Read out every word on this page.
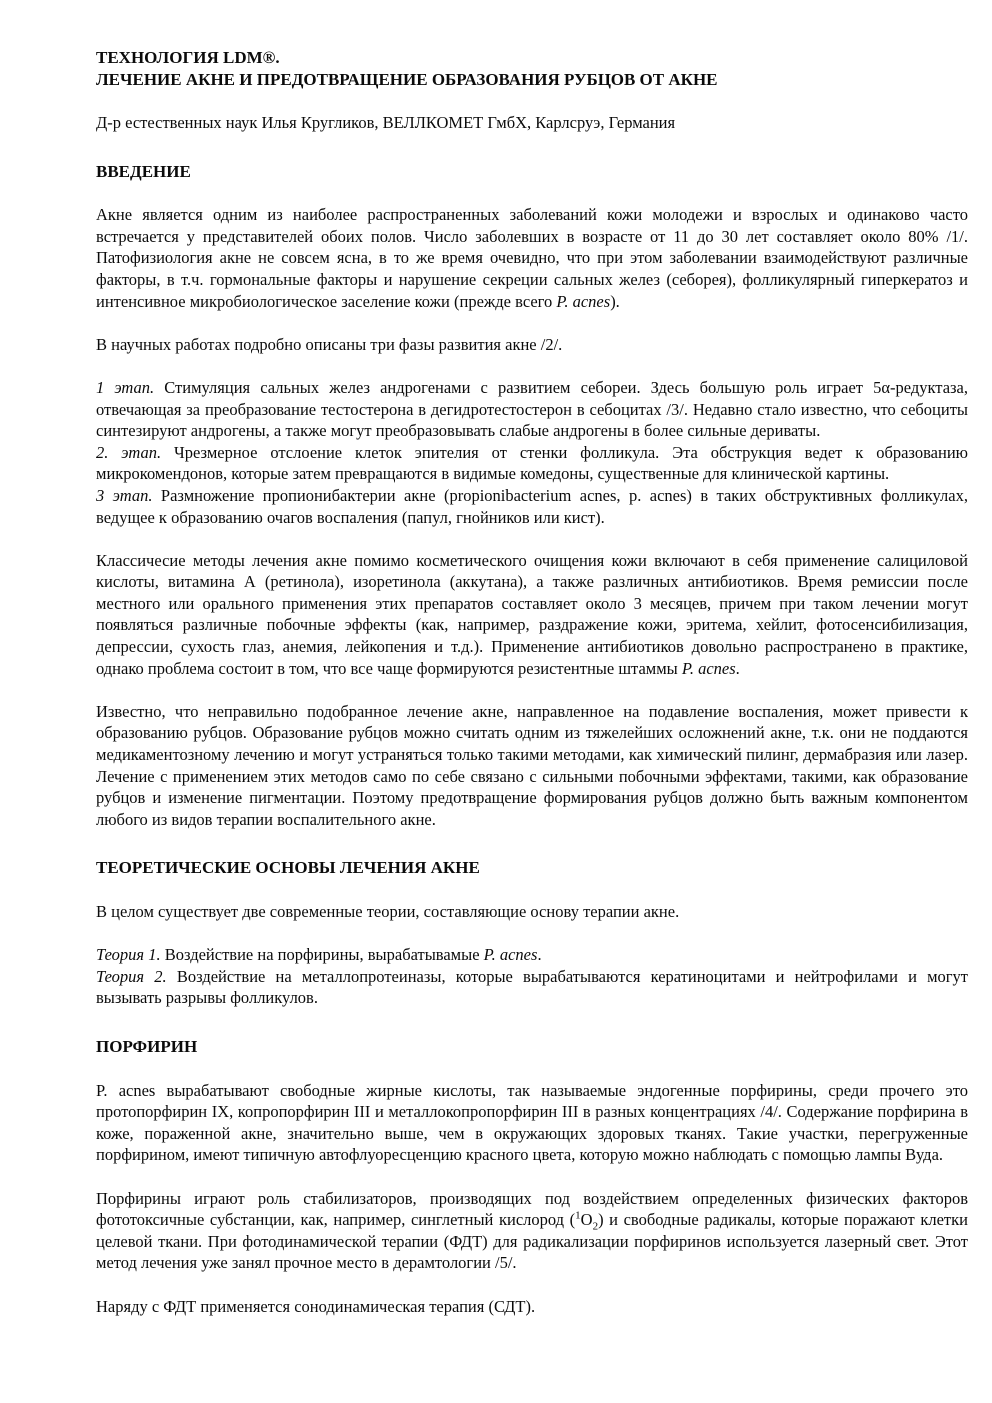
ТЕХНОЛОГИЯ LDM®.
ЛЕЧЕНИЕ АКНЕ И ПРЕДОТВРАЩЕНИЕ ОБРАЗОВАНИЯ РУБЦОВ ОТ АКНЕ

Д-р естественных наук Илья Кругликов, ВЕЛЛКОМЕТ ГмбХ, Карлсруэ, Германия

ВВЕДЕНИЕ

Акне является одним из наиболее распространенных заболеваний кожи молодежи и взрослых и одинаково часто встречается у представителей обоих полов. Число заболевших в возрасте от 11 до 30 лет составляет около 80% /1/. Патофизиология акне не совсем ясна, в то же время очевидно, что при этом заболевании взаимодействуют различные факторы, в т.ч. гормональные факторы и нарушение секреции сальных желез (себорея), фолликулярный гиперкератоз и интенсивное микробиологическое заселение кожи (прежде всего P. acnes).

В научных работах подробно описаны три фазы развития акне /2/.

1 этап. Стимуляция сальных желез андрогенами с развитием себореи. Здесь большую роль играет 5α-редуктаза, отвечающая за преобразование тестостерона в дегидротестостерон в себоцитах /3/. Недавно стало известно, что себоциты синтезируют андрогены, а также могут преобразовывать слабые андрогены в более сильные дериваты.

2. этап. Чрезмерное отслоение клеток эпителия от стенки фолликула. Эта обструкция ведет к образованию микрокомендонов, которые затем превращаются в видимые комедоны, существенные для клинической картины.

3 этап. Размножение пропионибактерии акне (propionibacterium acnes, p. acnes) в таких обструктивных фолликулах, ведущее к образованию очагов воспаления (папул, гнойников или кист).

Классичесие методы лечения акне помимо косметического очищения кожи включают в себя применение салициловой кислоты, витамина А (ретинола), изоретинола (аккутана), а также различных антибиотиков. Время ремиссии после местного или орального применения этих препаратов составляет около 3 месяцев, причем при таком лечении могут появляться различные побочные эффекты (как, например, раздражение кожи, эритема, хейлит, фотосенсибилизация, депрессии, сухость глаз, анемия, лейкопения и т.д.). Применение антибиотиков довольно распространено в практике, однако проблема состоит в том, что все чаще формируются резистентные штаммы P. acnes.

Известно, что неправильно подобранное лечение акне, направленное на подавление воспаления, может привести к образованию рубцов. Образование рубцов можно считать одним из тяжелейших осложнений акне, т.к. они не поддаются медикаментозному лечению и могут устраняться только такими методами, как химический пилинг, дермабразия или лазер. Лечение с применением этих методов само по себе связано с сильными побочными эффектами, такими, как образование рубцов и изменение пигментации. Поэтому предотвращение формирования рубцов должно быть важным компонентом любого из видов терапии воспалительного акне.

ТЕОРЕТИЧЕСКИЕ ОСНОВЫ ЛЕЧЕНИЯ АКНЕ

В целом существует две современные теории, составляющие основу терапии акне.

Теория 1. Воздействие на порфирины, вырабатывамые P. acnes.

Теория 2. Воздействие на металлопротеиназы, которые вырабатываются кератиноцитами и нейтрофилами и могут вызывать разрывы фолликулов.

ПОРФИРИН

P. acnes вырабатывают свободные жирные кислоты, так называемые эндогенные порфирины, среди прочего это протопорфирин IX, копропорфирин III и металлокопропорфирин III в разных концентрациях /4/. Содержание порфирина в коже, пораженной акне, значительно выше, чем в окружающих здоровых тканях. Такие участки, перегруженные порфирином, имеют типичную автофлуоресценцию красного цвета, которую можно наблюдать с помощью лампы Вуда.

Порфирины играют роль стабилизаторов, производящих под воздействием определенных физических факторов фототоксичные субстанции, как, например, синглетный кислород $(^1O_2)$ и свободные радикалы, которые поражают клетки целевой ткани. При фотодинамической терапии (ФДТ) для радикализации порфиринов используется лазерный свет. Этот метод лечения уже занял прочное место в дерамтологии /5/.

Наряду с ФДТ применяется сонодинамическая терапия (СДТ).
